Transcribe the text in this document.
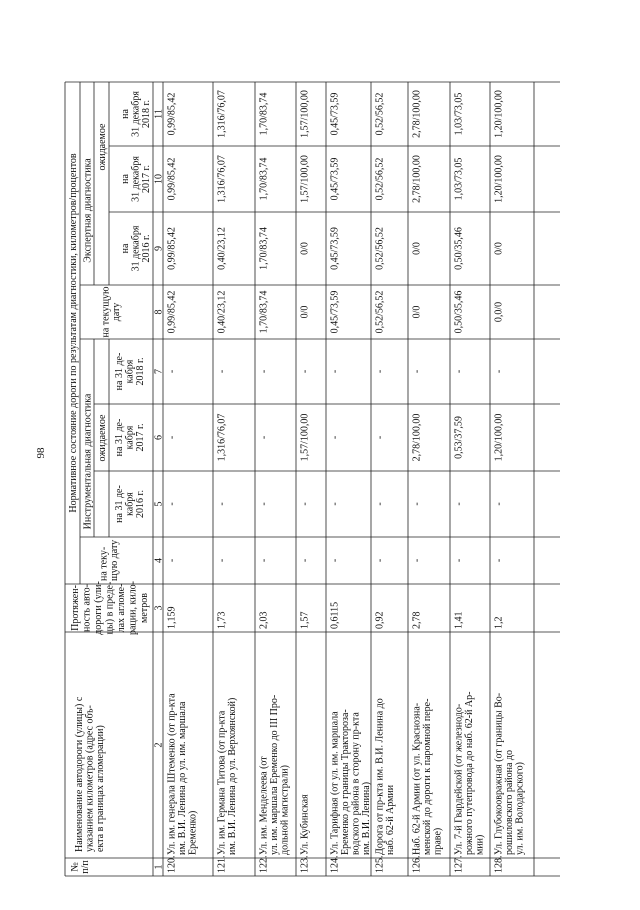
98
№ п/п
Наименование автодороги (улицы) с указанием километров (адрес объ- екта в границах агломерации)
Протяжен- ность авто- дороги (ули- цы) в преде- лах агломе- рации, кило- метров
Нормативное состояние дороги по результатам диагностики, километров/процентов Инструментальная диагностика
Экспертная диагностика
на теку- щую дату
ожидаемое
на текущую дату
ожидаемое
на 31 де- кабря 2016 г.
на 31 де- кабря 2017 г.
на 31 де- кабря 2018 г.
на 31 декабря 2016 г.
на 31 декабря 2017 г.
на 31 декабря 2018 г.
1
2
3
4
5
6
7
8
9
10
11
120.
Ул. им. генерала Штеменко (от пр-кта им. В.И. Ленина до ул. им. маршала Еременко)
1,159
-
-
-
-
0,99/85,42
0,99/85,42
0,99/85,42
0,99/85,42
121.
Ул. им. Германа Титова (от пр-кта им. В.И. Ленина до ул. Верхоянской)
1,73
-
-
1,316/76,07
-
0,40/23,12
0,40/23,12
1,316/76,07
1,316/76,07
122.
Ул. им. Менделеева (от ул. им. маршала Еременко до III Про- дольной магистрали)
2,03
-
-
-
-
1,70/83,74
1,70/83,74
1,70/83,74
1,70/83,74
123.
Ул. Кубинская
1,57
-
-
1,57/100,00
-
0/0
0/0
1,57/100,00
1,57/100,00
124.
Ул. Тарифная (от ул. им. маршала Еременко до границы Трактороза- водского района в сторону пр-кта им. В.И. Ленина)
0,6115
-
-
-
-
0,45/73,59
0,45/73,59
0,45/73,59
0,45/73,59
125.
Дорога от пр-кта им. В.И. Ленина до наб. 62-й Армии
0,92
-
-
-
-
0,52/56,52
0,52/56,52
0,52/56,52
0,52/56,52
126.
Наб. 62-й Армии (от ул. Краснозна- менской до дороги к паромной пере- праве)
2,78
-
-
2,78/100,00
-
0/0
0/0
2,78/100,00
2,78/100,00
127.
Ул. 7-й Гвардейской (от железнодо- рожного путепровода до наб. 62-й Ар- мии)
1,41
-
-
0,53/37,59
-
0,50/35,46
0,50/35,46
1,03/73,05
1,03/73,05
128.
Ул. Глубокоовражная (от границы Во- рошиловского района до ул. им. Володарского)
1,2
-
-
1,20/100,00
-
0,0/0
0/0
1,20/100,00
1,20/100,00
